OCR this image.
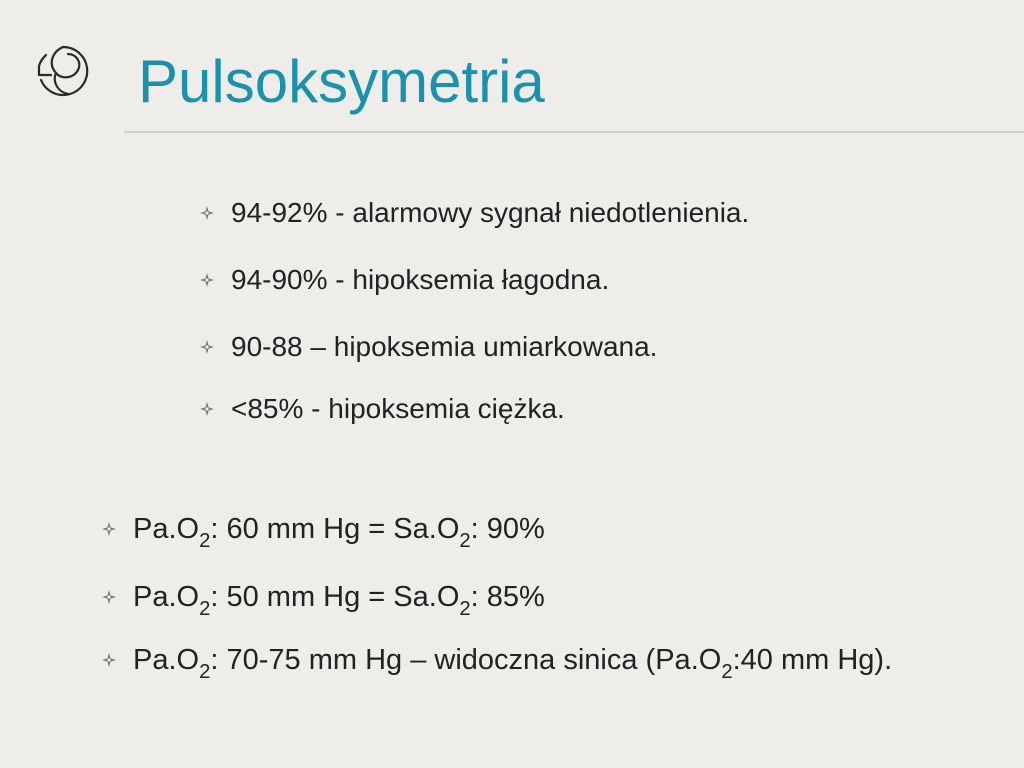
Pulsoksymetria
94-92% - alarmowy sygnał niedotlenienia.
94-90% - hipoksemia łagodna.
90-88 – hipoksemia umiarkowana.
<85% - hipoksemia ciężka.
$Pa.O_2$: 60 mm $Hg = Sa.O_2$: 90%
$Pa.O_2$: 50 mm $Hg = Sa.O_2$: 85%
$Pa.O_2$: 70-75 mm Hg – widoczna sinica ($Pa.O_2:40$ mm Hg).
